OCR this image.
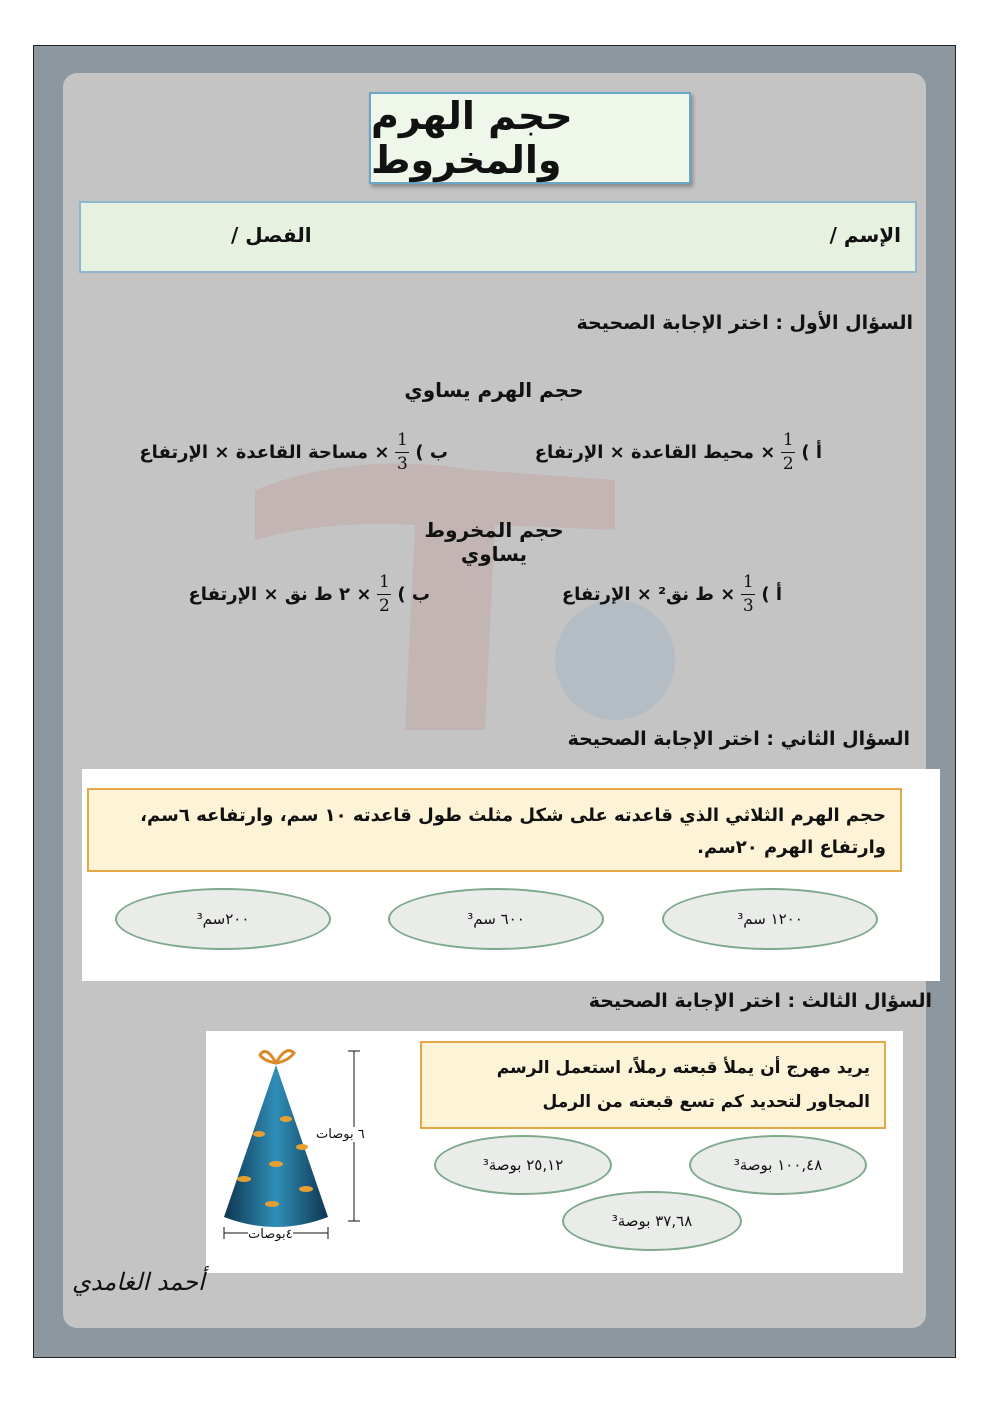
حجم الهرم والمخروط
الإسم /
الفصل /
السؤال الأول : اختر الإجابة الصحيحة
حجم الهرم يساوي
أ )
$\frac{1}{2}$
× محيط القاعدة × الإرتفاع
ب )
$\frac{1}{3}$
× مساحة القاعدة × الإرتفاع
حجم المخروط يساوي
أ )
$\frac{1}{3}$
× ط نق² × الإرتفاع
ب )
$\frac{1}{2}$
× ٢ ط نق × الإرتفاع
السؤال الثاني : اختر الإجابة الصحيحة
حجم الهرم الثلاثي الذي قاعدته على شكل مثلث طول قاعدته ١٠ سم، وارتفاعه ٦سم، وارتفاع الهرم ٢٠سم.
١٢٠٠ سم³
٦٠٠ سم³
٢٠٠سم³
السؤال الثالث : اختر الإجابة الصحيحة
يريد مهرج أن يملأ قبعته رملاً، استعمل الرسم المجاور لتحديد كم تسع قبعته من الرمل
٦ بوصات
٤بوصات
١٠٠,٤٨ بوصة³
٢٥,١٢ بوصة³
٣٧,٦٨ بوصة³
أحمد الغامدي
